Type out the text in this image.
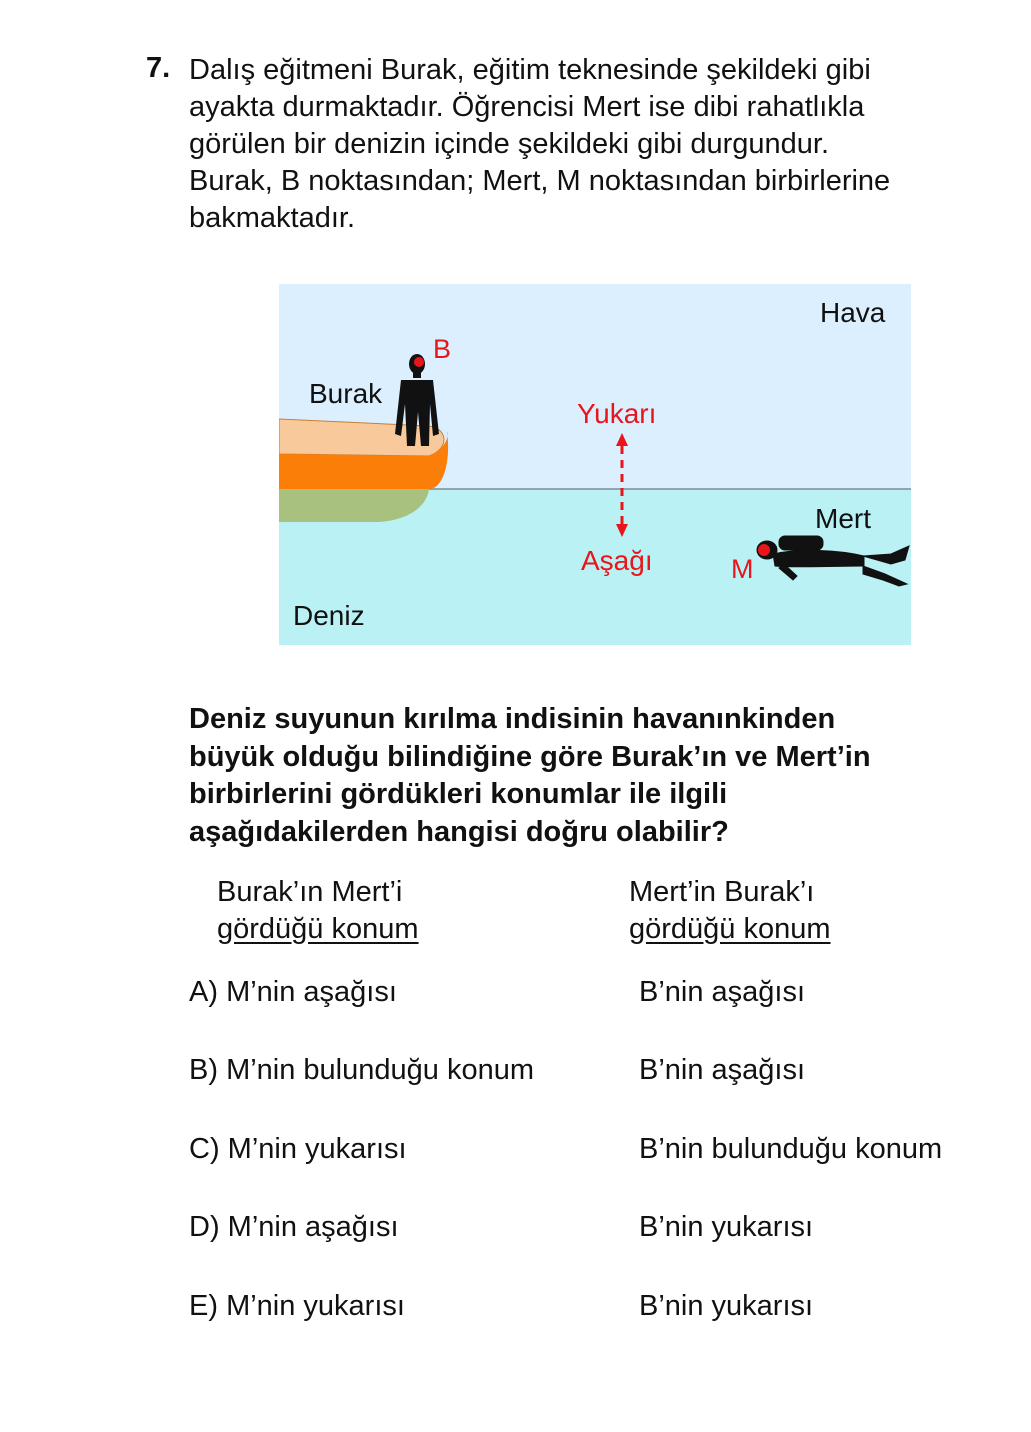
7. Dalış eğitmeni Burak, eğitim teknesinde şekildeki gibi
ayakta durmaktadır. Öğrencisi Mert ise dibi rahatlıkla
görülen bir denizin içinde şekildeki gibi durgundur.
Burak, B noktasından; Mert, M noktasından birbirlerine
bakmaktadır.
B
Burak
Yukarı
Aşağı
Hava
Deniz
Mert
M
Deniz suyunun kırılma indisinin havanınkinden
büyük olduğu bilindiğine göre Burak’ın ve Mert’in
birbirlerini gördükleri konumlar ile ilgili
aşağıdakilerden hangisi doğru olabilir?
Burak’ın Mert’i
gördüğü konum
Mert’in Burak’ı
gördüğü konum
A) M’nin aşağısı	B’nin aşağısı
B) M’nin bulunduğu konum	B’nin aşağısı
C) M’nin yukarısı	B’nin bulunduğu konum
D) M’nin aşağısı	B’nin yukarısı
E) M’nin yukarısı	B’nin yukarısı
